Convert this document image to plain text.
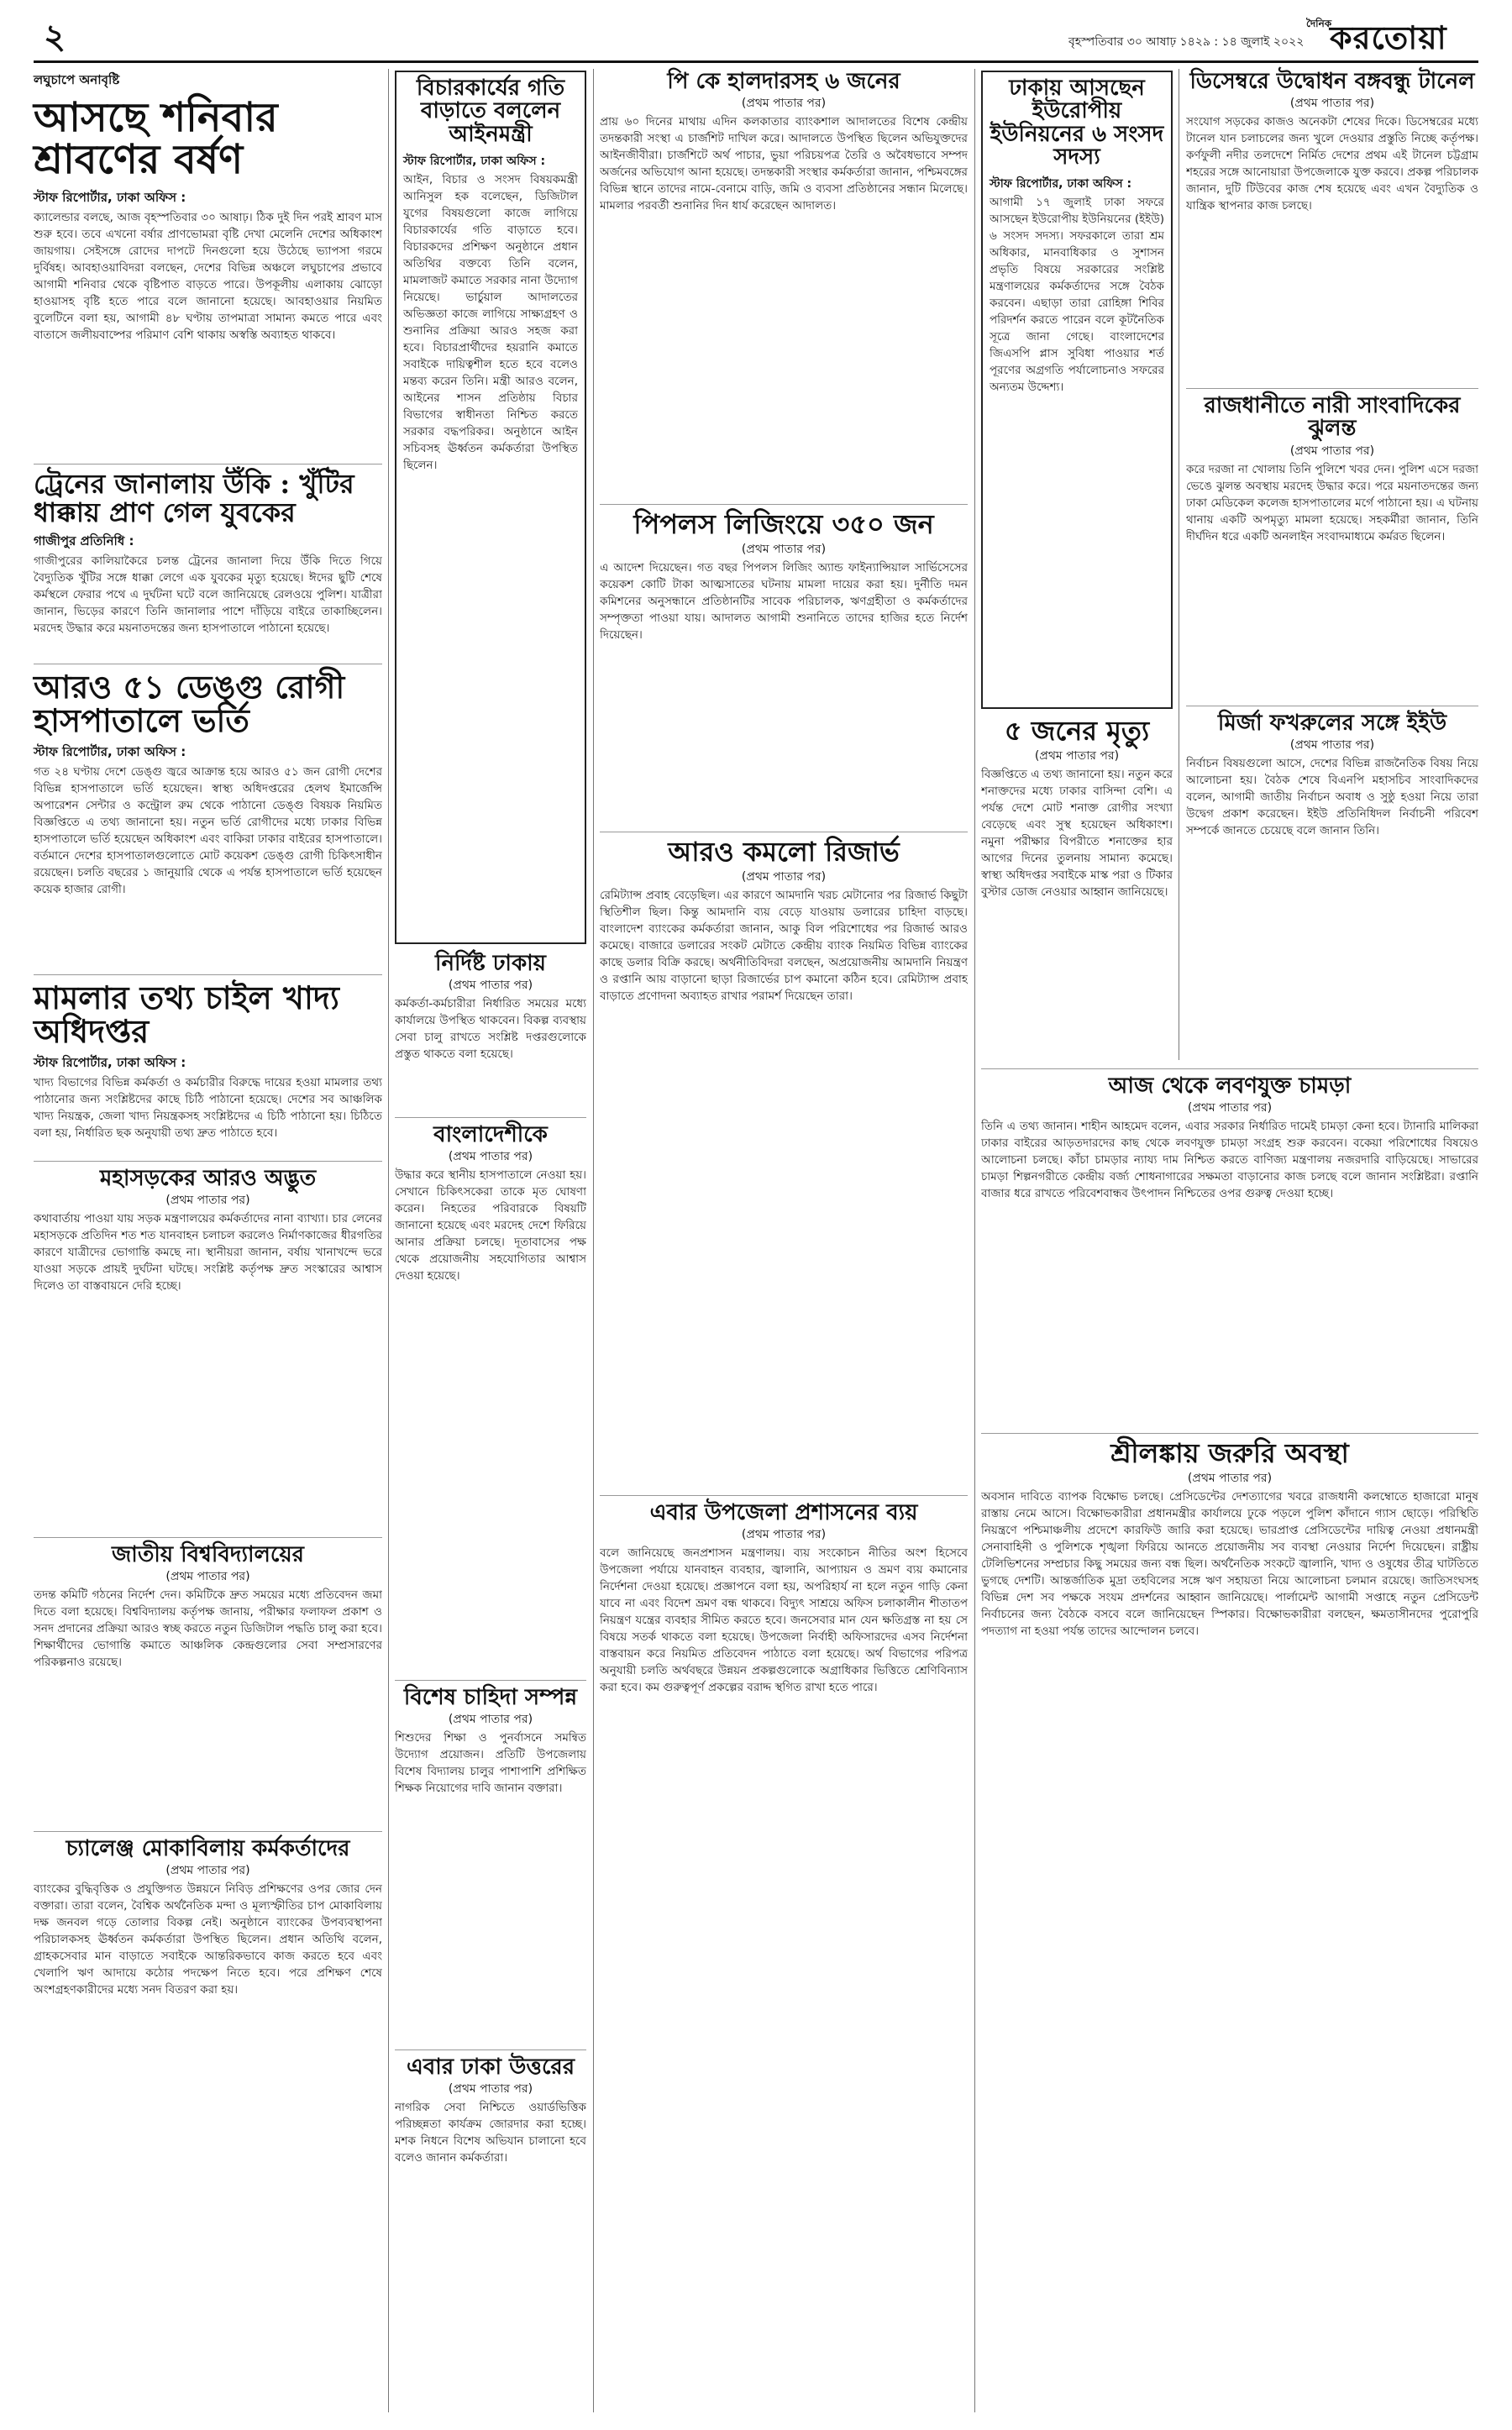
২	বৃহস্পতিবার ৩০ আষাঢ় ১৪২৯ : ১৪ জুলাই ২০২২
দৈনিক
করতোয়া
লঘুচাপে অনাবৃষ্টি
আসছে শনিবার শ্রাবণের বর্ষণ
স্টাফ রিপোর্টার, ঢাকা অফিস :
ক্যালেন্ডার বলছে, আজ বৃহস্পতিবার ৩০ আষাঢ়। ঠিক দুই দিন পরই শ্রাবণ মাস শুরু হবে। তবে এখনো বর্ষার প্রাণভোমরা বৃষ্টি দেখা মেলেনি দেশের অধিকাংশ জায়গায়। সেইসঙ্গে রোদের দাপটে দিনগুলো হয়ে উঠেছে ভ্যাপসা গরমে দুর্বিষহ। আবহাওয়াবিদরা বলছেন, দেশের বিভিন্ন অঞ্চলে লঘুচাপের প্রভাবে আগামী শনিবার থেকে বৃষ্টিপাত বাড়তে পারে। উপকূলীয় এলাকায় ঝোড়ো হাওয়াসহ বৃষ্টি হতে পারে বলে জানানো হয়েছে। আবহাওয়ার নিয়মিত বুলেটিনে বলা হয়, আগামী ৪৮ ঘণ্টায় তাপমাত্রা সামান্য কমতে পারে এবং বাতাসে জলীয়বাষ্পের পরিমাণ বেশি থাকায় অস্বস্তি অব্যাহত থাকবে।
ট্রেনের জানালায় উঁকি : খুঁটির ধাক্কায় প্রাণ গেল যুবকের
গাজীপুর প্রতিনিধি :
গাজীপুরের কালিয়াকৈরে চলন্ত ট্রেনের জানালা দিয়ে উঁকি দিতে গিয়ে বৈদ্যুতিক খুঁটির সঙ্গে ধাক্কা লেগে এক যুবকের মৃত্যু হয়েছে। ঈদের ছুটি শেষে কর্মস্থলে ফেরার পথে এ দুর্ঘটনা ঘটে বলে জানিয়েছে রেলওয়ে পুলিশ। যাত্রীরা জানান, ভিড়ের কারণে তিনি জানালার পাশে দাঁড়িয়ে বাইরে তাকাচ্ছিলেন। মরদেহ উদ্ধার করে ময়নাতদন্তের জন্য হাসপাতালে পাঠানো হয়েছে।
আরও ৫১ ডেঙ্গু রোগী হাসপাতালে ভর্তি
স্টাফ রিপোর্টার, ঢাকা অফিস :
গত ২৪ ঘণ্টায় দেশে ডেঙ্গু জ্বরে আক্রান্ত হয়ে আরও ৫১ জন রোগী দেশের বিভিন্ন হাসপাতালে ভর্তি হয়েছেন। স্বাস্থ্য অধিদপ্তরের হেলথ ইমার্জেন্সি অপারেশন সেন্টার ও কন্ট্রোল রুম থেকে পাঠানো ডেঙ্গু বিষয়ক নিয়মিত বিজ্ঞপ্তিতে এ তথ্য জানানো হয়। নতুন ভর্তি রোগীদের মধ্যে ঢাকার বিভিন্ন হাসপাতালে ভর্তি হয়েছেন অধিকাংশ এবং বাকিরা ঢাকার বাইরের হাসপাতালে। বর্তমানে দেশের হাসপাতালগুলোতে মোট কয়েকশ ডেঙ্গু রোগী চিকিৎসাধীন রয়েছেন। চলতি বছরের ১ জানুয়ারি থেকে এ পর্যন্ত হাসপাতালে ভর্তি হয়েছেন কয়েক হাজার রোগী।
মামলার তথ্য চাইল খাদ্য অধিদপ্তর
স্টাফ রিপোর্টার, ঢাকা অফিস :
খাদ্য বিভাগের বিভিন্ন কর্মকর্তা ও কর্মচারীর বিরুদ্ধে দায়ের হওয়া মামলার তথ্য পাঠানোর জন্য সংশ্লিষ্টদের কাছে চিঠি পাঠানো হয়েছে। দেশের সব আঞ্চলিক খাদ্য নিয়ন্ত্রক, জেলা খাদ্য নিয়ন্ত্রকসহ সংশ্লিষ্টদের এ চিঠি পাঠানো হয়। চিঠিতে বলা হয়, নির্ধারিত ছক অনুযায়ী তথ্য দ্রুত পাঠাতে হবে।
মহাসড়কের আরও অদ্ভুত
(প্রথম পাতার পর)
কথাবার্তায় পাওয়া যায় সড়ক মন্ত্রণালয়ের কর্মকর্তাদের নানা ব্যাখ্যা। চার লেনের মহাসড়কে প্রতিদিন শত শত যানবাহন চলাচল করলেও নির্মাণকাজের ধীরগতির কারণে যাত্রীদের ভোগান্তি কমছে না। স্থানীয়রা জানান, বর্ষায় খানাখন্দে ভরে যাওয়া সড়কে প্রায়ই দুর্ঘটনা ঘটছে। সংশ্লিষ্ট কর্তৃপক্ষ দ্রুত সংস্কারের আশ্বাস দিলেও তা বাস্তবায়নে দেরি হচ্ছে।
জাতীয় বিশ্ববিদ্যালয়ের
(প্রথম পাতার পর)
তদন্ত কমিটি গঠনের নির্দেশ দেন। কমিটিকে দ্রুত সময়ের মধ্যে প্রতিবেদন জমা দিতে বলা হয়েছে। বিশ্ববিদ্যালয় কর্তৃপক্ষ জানায়, পরীক্ষার ফলাফল প্রকাশ ও সনদ প্রদানের প্রক্রিয়া আরও স্বচ্ছ করতে নতুন ডিজিটাল পদ্ধতি চালু করা হবে। শিক্ষার্থীদের ভোগান্তি কমাতে আঞ্চলিক কেন্দ্রগুলোর সেবা সম্প্রসারণের পরিকল্পনাও রয়েছে।
চ্যালেঞ্জ মোকাবিলায় কর্মকর্তাদের
(প্রথম পাতার পর)
ব্যাংকের বুদ্ধিবৃত্তিক ও প্রযুক্তিগত উন্নয়নে নিবিড় প্রশিক্ষণের ওপর জোর দেন বক্তারা। তারা বলেন, বৈশ্বিক অর্থনৈতিক মন্দা ও মূল্যস্ফীতির চাপ মোকাবিলায় দক্ষ জনবল গড়ে তোলার বিকল্প নেই। অনুষ্ঠানে ব্যাংকের উপব্যবস্থাপনা পরিচালকসহ ঊর্ধ্বতন কর্মকর্তারা উপস্থিত ছিলেন। প্রধান অতিথি বলেন, গ্রাহকসেবার মান বাড়াতে সবাইকে আন্তরিকভাবে কাজ করতে হবে এবং খেলাপি ঋণ আদায়ে কঠোর পদক্ষেপ নিতে হবে। পরে প্রশিক্ষণ শেষে অংশগ্রহণকারীদের মধ্যে সনদ বিতরণ করা হয়।
বিচারকার্যের গতি বাড়াতে বললেন আইনমন্ত্রী
স্টাফ রিপোর্টার, ঢাকা অফিস :
আইন, বিচার ও সংসদ বিষয়কমন্ত্রী আনিসুল হক বলেছেন, ডিজিটাল যুগের বিষয়গুলো কাজে লাগিয়ে বিচারকার্যের গতি বাড়াতে হবে। বিচারকদের প্রশিক্ষণ অনুষ্ঠানে প্রধান অতিথির বক্তব্যে তিনি বলেন, মামলাজট কমাতে সরকার নানা উদ্যোগ নিয়েছে। ভার্চুয়াল আদালতের অভিজ্ঞতা কাজে লাগিয়ে সাক্ষ্যগ্রহণ ও শুনানির প্রক্রিয়া আরও সহজ করা হবে। বিচারপ্রার্থীদের হয়রানি কমাতে সবাইকে দায়িত্বশীল হতে হবে বলেও মন্তব্য করেন তিনি। মন্ত্রী আরও বলেন, আইনের শাসন প্রতিষ্ঠায় বিচার বিভাগের স্বাধীনতা নিশ্চিত করতে সরকার বদ্ধপরিকর। অনুষ্ঠানে আইন সচিবসহ ঊর্ধ্বতন কর্মকর্তারা উপস্থিত ছিলেন।
নির্দিষ্ট ঢাকায়
(প্রথম পাতার পর)
কর্মকর্তা-কর্মচারীরা নির্ধারিত সময়ের মধ্যে কার্যালয়ে উপস্থিত থাকবেন। বিকল্প ব্যবস্থায় সেবা চালু রাখতে সংশ্লিষ্ট দপ্তরগুলোকে প্রস্তুত থাকতে বলা হয়েছে।
বাংলাদেশীকে
(প্রথম পাতার পর)
উদ্ধার করে স্থানীয় হাসপাতালে নেওয়া হয়। সেখানে চিকিৎসকেরা তাকে মৃত ঘোষণা করেন। নিহতের পরিবারকে বিষয়টি জানানো হয়েছে এবং মরদেহ দেশে ফিরিয়ে আনার প্রক্রিয়া চলছে। দূতাবাসের পক্ষ থেকে প্রয়োজনীয় সহযোগিতার আশ্বাস দেওয়া হয়েছে।
বিশেষ চাহিদা সম্পন্ন
(প্রথম পাতার পর)
শিশুদের শিক্ষা ও পুনর্বাসনে সমন্বিত উদ্যোগ প্রয়োজন। প্রতিটি উপজেলায় বিশেষ বিদ্যালয় চালুর পাশাপাশি প্রশিক্ষিত শিক্ষক নিয়োগের দাবি জানান বক্তারা।
এবার ঢাকা উত্তরের
(প্রথম পাতার পর)
নাগরিক সেবা নিশ্চিতে ওয়ার্ডভিত্তিক পরিচ্ছন্নতা কার্যক্রম জোরদার করা হচ্ছে। মশক নিধনে বিশেষ অভিযান চালানো হবে বলেও জানান কর্মকর্তারা।
পি কে হালদারসহ ৬ জনের
(প্রথম পাতার পর)
প্রায় ৬০ দিনের মাথায় এদিন কলকাতার ব্যাংকশাল আদালতের বিশেষ কেন্দ্রীয় তদন্তকারী সংস্থা এ চার্জশিট দাখিল করে। আদালতে উপস্থিত ছিলেন অভিযুক্তদের আইনজীবীরা। চার্জশিটে অর্থ পাচার, ভুয়া পরিচয়পত্র তৈরি ও অবৈধভাবে সম্পদ অর্জনের অভিযোগ আনা হয়েছে। তদন্তকারী সংস্থার কর্মকর্তারা জানান, পশ্চিমবঙ্গের বিভিন্ন স্থানে তাদের নামে-বেনামে বাড়ি, জমি ও ব্যবসা প্রতিষ্ঠানের সন্ধান মিলেছে। মামলার পরবর্তী শুনানির দিন ধার্য করেছেন আদালত।
পিপলস লিজিংয়ে ৩৫০ জন
(প্রথম পাতার পর)
এ আদেশ দিয়েছেন। গত বছর পিপলস লিজিং অ্যান্ড ফাইন্যান্সিয়াল সার্ভিসেসের কয়েকশ কোটি টাকা আত্মসাতের ঘটনায় মামলা দায়ের করা হয়। দুর্নীতি দমন কমিশনের অনুসন্ধানে প্রতিষ্ঠানটির সাবেক পরিচালক, ঋণগ্রহীতা ও কর্মকর্তাদের সম্পৃক্ততা পাওয়া যায়। আদালত আগামী শুনানিতে তাদের হাজির হতে নির্দেশ দিয়েছেন।
আরও কমলো রিজার্ভ
(প্রথম পাতার পর)
রেমিট্যান্স প্রবাহ বেড়েছিল। এর কারণে আমদানি খরচ মেটানোর পর রিজার্ভ কিছুটা স্থিতিশীল ছিল। কিন্তু আমদানি ব্যয় বেড়ে যাওয়ায় ডলারের চাহিদা বাড়ছে। বাংলাদেশ ব্যাংকের কর্মকর্তারা জানান, আকু বিল পরিশোধের পর রিজার্ভ আরও কমেছে। বাজারে ডলারের সংকট মেটাতে কেন্দ্রীয় ব্যাংক নিয়মিত বিভিন্ন ব্যাংকের কাছে ডলার বিক্রি করছে। অর্থনীতিবিদরা বলছেন, অপ্রয়োজনীয় আমদানি নিয়ন্ত্রণ ও রপ্তানি আয় বাড়ানো ছাড়া রিজার্ভের চাপ কমানো কঠিন হবে। রেমিট্যান্স প্রবাহ বাড়াতে প্রণোদনা অব্যাহত রাখার পরামর্শ দিয়েছেন তারা।
এবার উপজেলা প্রশাসনের ব্যয়
(প্রথম পাতার পর)
বলে জানিয়েছে জনপ্রশাসন মন্ত্রণালয়। ব্যয় সংকোচন নীতির অংশ হিসেবে উপজেলা পর্যায়ে যানবাহন ব্যবহার, জ্বালানি, আপ্যায়ন ও ভ্রমণ ব্যয় কমানোর নির্দেশনা দেওয়া হয়েছে। প্রজ্ঞাপনে বলা হয়, অপরিহার্য না হলে নতুন গাড়ি কেনা যাবে না এবং বিদেশ ভ্রমণ বন্ধ থাকবে। বিদ্যুৎ সাশ্রয়ে অফিস চলাকালীন শীতাতপ নিয়ন্ত্রণ যন্ত্রের ব্যবহার সীমিত করতে হবে। জনসেবার মান যেন ক্ষতিগ্রস্ত না হয় সে বিষয়ে সতর্ক থাকতে বলা হয়েছে। উপজেলা নির্বাহী অফিসারদের এসব নির্দেশনা বাস্তবায়ন করে নিয়মিত প্রতিবেদন পাঠাতে বলা হয়েছে। অর্থ বিভাগের পরিপত্র অনুযায়ী চলতি অর্থবছরে উন্নয়ন প্রকল্পগুলোকে অগ্রাধিকার ভিত্তিতে শ্রেণিবিন্যাস করা হবে। কম গুরুত্বপূর্ণ প্রকল্পের বরাদ্দ স্থগিত রাখা হতে পারে।
ঢাকায় আসছেন ইউরোপীয় ইউনিয়নের ৬ সংসদ সদস্য
স্টাফ রিপোর্টার, ঢাকা অফিস :
আগামী ১৭ জুলাই ঢাকা সফরে আসছেন ইউরোপীয় ইউনিয়নের (ইইউ) ৬ সংসদ সদস্য। সফরকালে তারা শ্রম অধিকার, মানবাধিকার ও সুশাসন প্রভৃতি বিষয়ে সরকারের সংশ্লিষ্ট মন্ত্রণালয়ের কর্মকর্তাদের সঙ্গে বৈঠক করবেন। এছাড়া তারা রোহিঙ্গা শিবির পরিদর্শন করতে পারেন বলে কূটনৈতিক সূত্রে জানা গেছে। বাংলাদেশের জিএসপি প্লাস সুবিধা পাওয়ার শর্ত পূরণের অগ্রগতি পর্যালোচনাও সফরের অন্যতম উদ্দেশ্য।
৫ জনের মৃত্যু
(প্রথম পাতার পর)
বিজ্ঞপ্তিতে এ তথ্য জানানো হয়। নতুন করে শনাক্তদের মধ্যে ঢাকার বাসিন্দা বেশি। এ পর্যন্ত দেশে মোট শনাক্ত রোগীর সংখ্যা বেড়েছে এবং সুস্থ হয়েছেন অধিকাংশ। নমুনা পরীক্ষার বিপরীতে শনাক্তের হার আগের দিনের তুলনায় সামান্য কমেছে। স্বাস্থ্য অধিদপ্তর সবাইকে মাস্ক পরা ও টিকার বুস্টার ডোজ নেওয়ার আহ্বান জানিয়েছে।
ডিসেম্বরে উদ্বোধন বঙ্গবন্ধু টানেল
(প্রথম পাতার পর)
সংযোগ সড়কের কাজও অনেকটা শেষের দিকে। ডিসেম্বরের মধ্যে টানেল যান চলাচলের জন্য খুলে দেওয়ার প্রস্তুতি নিচ্ছে কর্তৃপক্ষ। কর্ণফুলী নদীর তলদেশে নির্মিত দেশের প্রথম এই টানেল চট্টগ্রাম শহরের সঙ্গে আনোয়ারা উপজেলাকে যুক্ত করবে। প্রকল্প পরিচালক জানান, দুটি টিউবের কাজ শেষ হয়েছে এবং এখন বৈদ্যুতিক ও যান্ত্রিক স্থাপনার কাজ চলছে।
রাজধানীতে নারী সাংবাদিকের ঝুলন্ত
(প্রথম পাতার পর)
করে দরজা না খোলায় তিনি পুলিশে খবর দেন। পুলিশ এসে দরজা ভেঙে ঝুলন্ত অবস্থায় মরদেহ উদ্ধার করে। পরে ময়নাতদন্তের জন্য ঢাকা মেডিকেল কলেজ হাসপাতালের মর্গে পাঠানো হয়। এ ঘটনায় থানায় একটি অপমৃত্যু মামলা হয়েছে। সহকর্মীরা জানান, তিনি দীর্ঘদিন ধরে একটি অনলাইন সংবাদমাধ্যমে কর্মরত ছিলেন।
মির্জা ফখরুলের সঙ্গে ইইউ
(প্রথম পাতার পর)
নির্বাচন বিষয়গুলো আসে, দেশের বিভিন্ন রাজনৈতিক বিষয় নিয়ে আলোচনা হয়। বৈঠক শেষে বিএনপি মহাসচিব সাংবাদিকদের বলেন, আগামী জাতীয় নির্বাচন অবাধ ও সুষ্ঠু হওয়া নিয়ে তারা উদ্বেগ প্রকাশ করেছেন। ইইউ প্রতিনিধিদল নির্বাচনী পরিবেশ সম্পর্কে জানতে চেয়েছে বলে জানান তিনি।
আজ থেকে লবণযুক্ত চামড়া
(প্রথম পাতার পর)
তিনি এ তথ্য জানান। শাহীন আহমেদ বলেন, এবার সরকার নির্ধারিত দামেই চামড়া কেনা হবে। ট্যানারি মালিকরা ঢাকার বাইরের আড়তদারদের কাছ থেকে লবণযুক্ত চামড়া সংগ্রহ শুরু করবেন। বকেয়া পরিশোধের বিষয়েও আলোচনা চলছে। কাঁচা চামড়ার ন্যায্য দাম নিশ্চিত করতে বাণিজ্য মন্ত্রণালয় নজরদারি বাড়িয়েছে। সাভারের চামড়া শিল্পনগরীতে কেন্দ্রীয় বর্জ্য শোধনাগারের সক্ষমতা বাড়ানোর কাজ চলছে বলে জানান সংশ্লিষ্টরা। রপ্তানি বাজার ধরে রাখতে পরিবেশবান্ধব উৎপাদন নিশ্চিতের ওপর গুরুত্ব দেওয়া হচ্ছে।
শ্রীলঙ্কায় জরুরি অবস্থা
(প্রথম পাতার পর)
অবসান দাবিতে ব্যাপক বিক্ষোভ চলছে। প্রেসিডেন্টের দেশত্যাগের খবরে রাজধানী কলম্বোতে হাজারো মানুষ রাস্তায় নেমে আসে। বিক্ষোভকারীরা প্রধানমন্ত্রীর কার্যালয়ে ঢুকে পড়লে পুলিশ কাঁদানে গ্যাস ছোড়ে। পরিস্থিতি নিয়ন্ত্রণে পশ্চিমাঞ্চলীয় প্রদেশে কারফিউ জারি করা হয়েছে। ভারপ্রাপ্ত প্রেসিডেন্টের দায়িত্ব নেওয়া প্রধানমন্ত্রী সেনাবাহিনী ও পুলিশকে শৃঙ্খলা ফিরিয়ে আনতে প্রয়োজনীয় সব ব্যবস্থা নেওয়ার নির্দেশ দিয়েছেন। রাষ্ট্রীয় টেলিভিশনের সম্প্রচার কিছু সময়ের জন্য বন্ধ ছিল। অর্থনৈতিক সংকটে জ্বালানি, খাদ্য ও ওষুধের তীব্র ঘাটতিতে ভুগছে দেশটি। আন্তর্জাতিক মুদ্রা তহবিলের সঙ্গে ঋণ সহায়তা নিয়ে আলোচনা চলমান রয়েছে। জাতিসংঘসহ বিভিন্ন দেশ সব পক্ষকে সংযম প্রদর্শনের আহ্বান জানিয়েছে। পার্লামেন্ট আগামী সপ্তাহে নতুন প্রেসিডেন্ট নির্বাচনের জন্য বৈঠকে বসবে বলে জানিয়েছেন স্পিকার। বিক্ষোভকারীরা বলছেন, ক্ষমতাসীনদের পুরোপুরি পদত্যাগ না হওয়া পর্যন্ত তাদের আন্দোলন চলবে।
